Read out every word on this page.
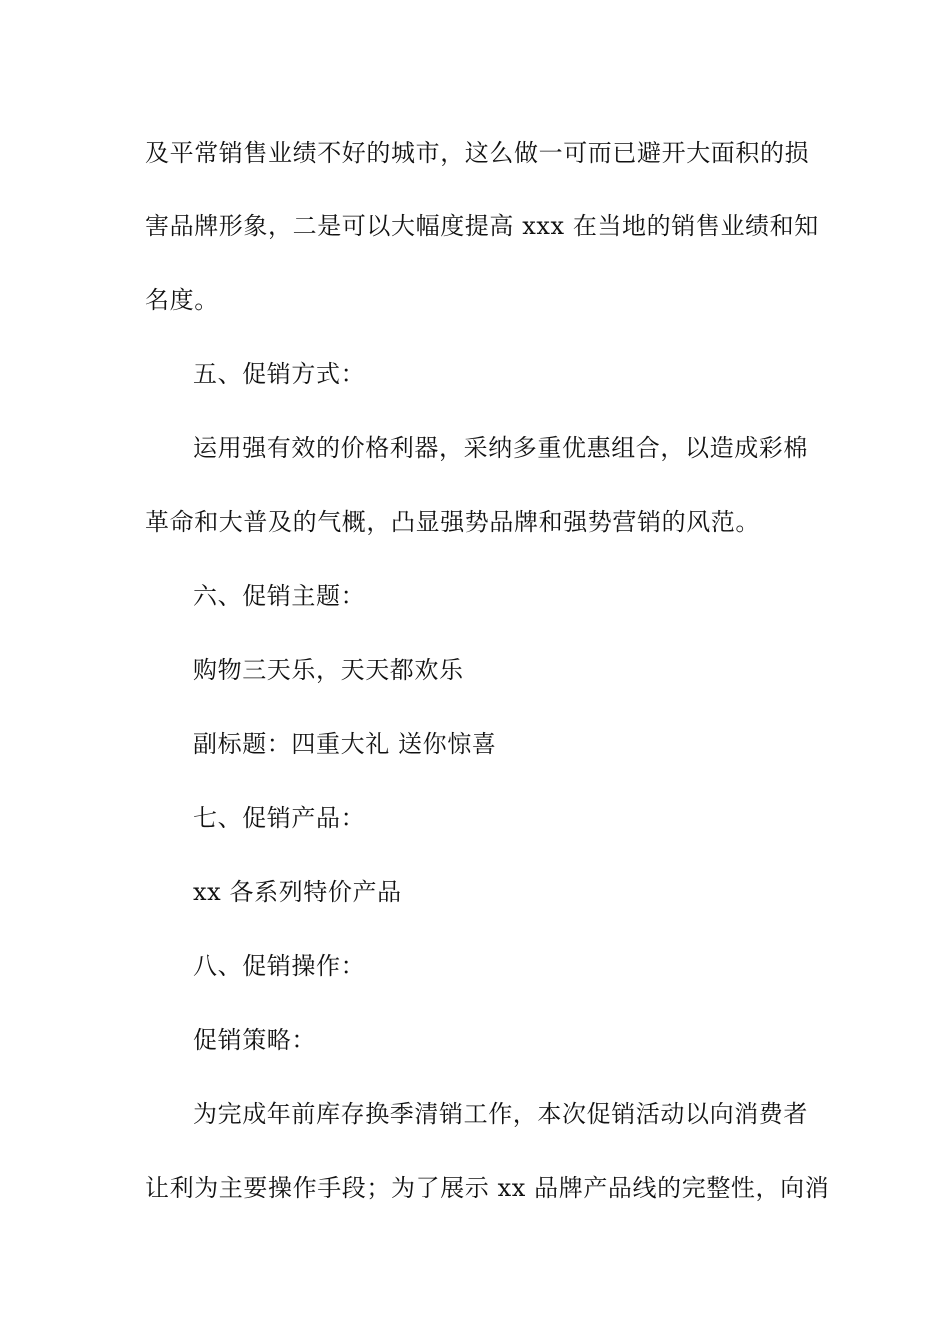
及平常销售业绩不好的城市，这么做一可而已避开大面积的损
害品牌形象，二是可以大幅度提高 xxx 在当地的销售业绩和知
名度。
五、促销方式：
运用强有效的价格利器，采纳多重优惠组合，以造成彩棉
革命和大普及的气概，凸显强势品牌和强势营销的风范。
六、促销主题：
购物三天乐，天天都欢乐
副标题：四重大礼 送你惊喜
七、促销产品：
xx 各系列特价产品
八、促销操作：
促销策略：
为完成年前库存换季清销工作，本次促销活动以向消费者
让利为主要操作手段；为了展示 xx 品牌产品线的完整性，向消
